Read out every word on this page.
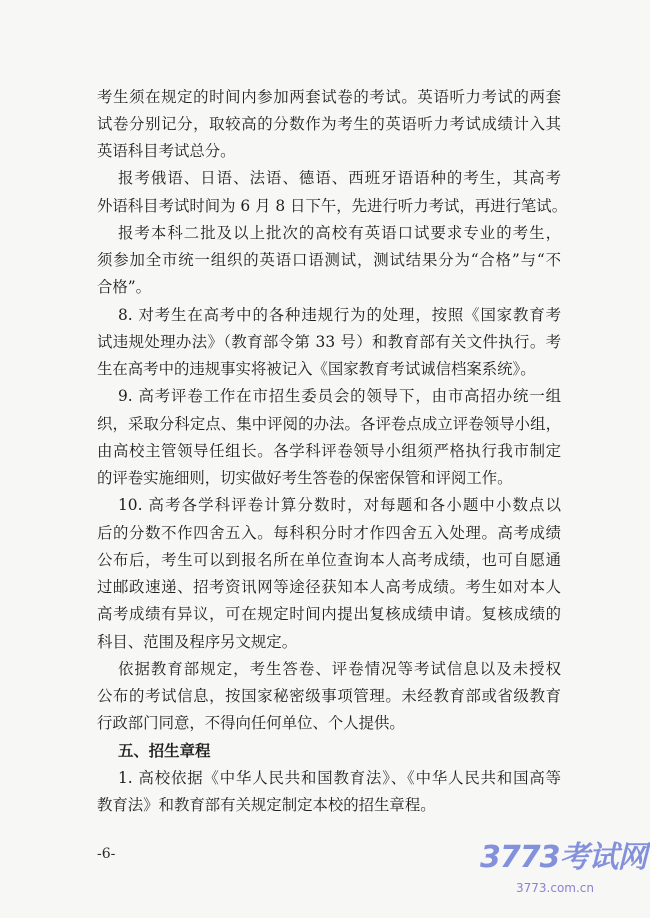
考生须在规定的时间内参加两套试卷的考试。英语听力考试的两套
试卷分别记分，取较高的分数作为考生的英语听力考试成绩计入其
英语科目考试总分。
报考俄语、日语、法语、德语、西班牙语语种的考生，其高考
外语科目考试时间为 6 月 8 日下午，先进行听力考试，再进行笔试。
报考本科二批及以上批次的高校有英语口试要求专业的考生，
须参加全市统一组织的英语口语测试，测试结果分为“合格”与“不
合格”。
8. 对考生在高考中的各种违规行为的处理，按照《国家教育考
试违规处理办法》（教育部令第 33 号）和教育部有关文件执行。考
生在高考中的违规事实将被记入《国家教育考试诚信档案系统》。
9. 高考评卷工作在市招生委员会的领导下，由市高招办统一组
织，采取分科定点、集中评阅的办法。各评卷点成立评卷领导小组，
由高校主管领导任组长。各学科评卷领导小组须严格执行我市制定
的评卷实施细则，切实做好考生答卷的保密保管和评阅工作。
10. 高考各学科评卷计算分数时，对每题和各小题中小数点以
后的分数不作四舍五入。每科积分时才作四舍五入处理。高考成绩
公布后，考生可以到报名所在单位查询本人高考成绩，也可自愿通
过邮政速递、招考资讯网等途径获知本人高考成绩。考生如对本人
高考成绩有异议，可在规定时间内提出复核成绩申请。复核成绩的
科目、范围及程序另文规定。
依据教育部规定，考生答卷、评卷情况等考试信息以及未授权
公布的考试信息，按国家秘密级事项管理。未经教育部或省级教育
行政部门同意，不得向任何单位、个人提供。
五、招生章程
1. 高校依据《中华人民共和国教育法》、《中华人民共和国高等
教育法》和教育部有关规定制定本校的招生章程。
-6-	3773考试网
3773.com.cn
